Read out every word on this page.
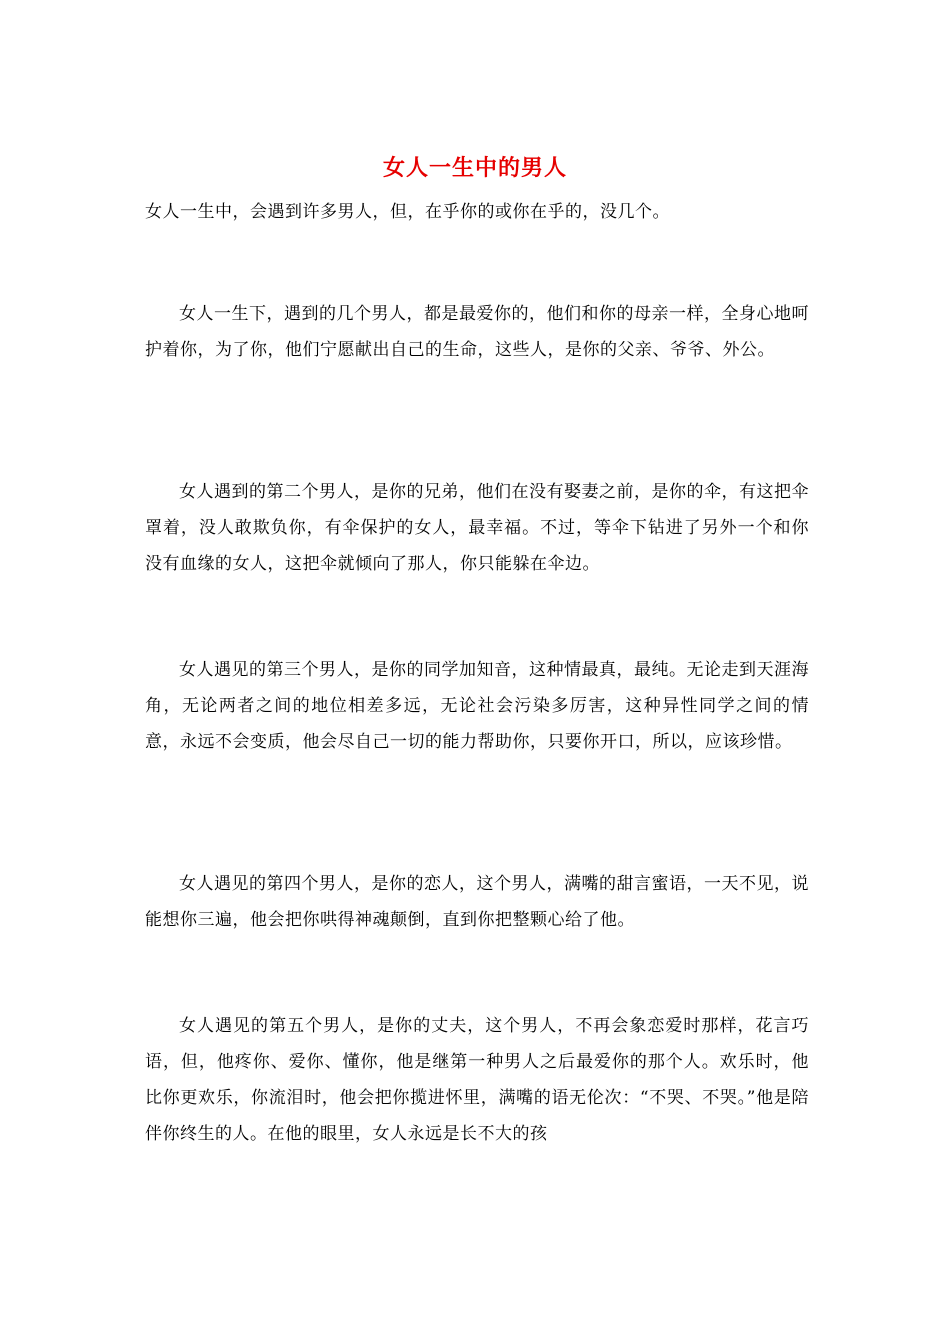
女人一生中的男人

女人一生中，会遇到许多男人，但，在乎你的或你在乎的，没几个。

女人一生下，遇到的几个男人，都是最爱你的，他们和你的母亲一样，全身心地呵护着你，为了你，他们宁愿献出自己的生命，这些人，是你的父亲、爷爷、外公。

女人遇到的第二个男人，是你的兄弟，他们在没有娶妻之前，是你的伞，有这把伞罩着，没人敢欺负你，有伞保护的女人，最幸福。不过，等伞下钻进了另外一个和你没有血缘的女人，这把伞就倾向了那人，你只能躲在伞边。

女人遇见的第三个男人，是你的同学加知音，这种情最真，最纯。无论走到天涯海角，无论两者之间的地位相差多远，无论社会污染多厉害，这种异性同学之间的情意，永远不会变质，他会尽自己一切的能力帮助你，只要你开口，所以，应该珍惜。

女人遇见的第四个男人，是你的恋人，这个男人，满嘴的甜言蜜语，一天不见，说能想你三遍，他会把你哄得神魂颠倒，直到你把整颗心给了他。

女人遇见的第五个男人，是你的丈夫，这个男人，不再会象恋爱时那样，花言巧语，但，他疼你、爱你、懂你，他是继第一种男人之后最爱你的那个人。欢乐时，他比你更欢乐，你流泪时，他会把你揽进怀里，满嘴的语无伦次：“不哭、不哭。”他是陪伴你终生的人。在他的眼里，女人永远是长不大的孩
